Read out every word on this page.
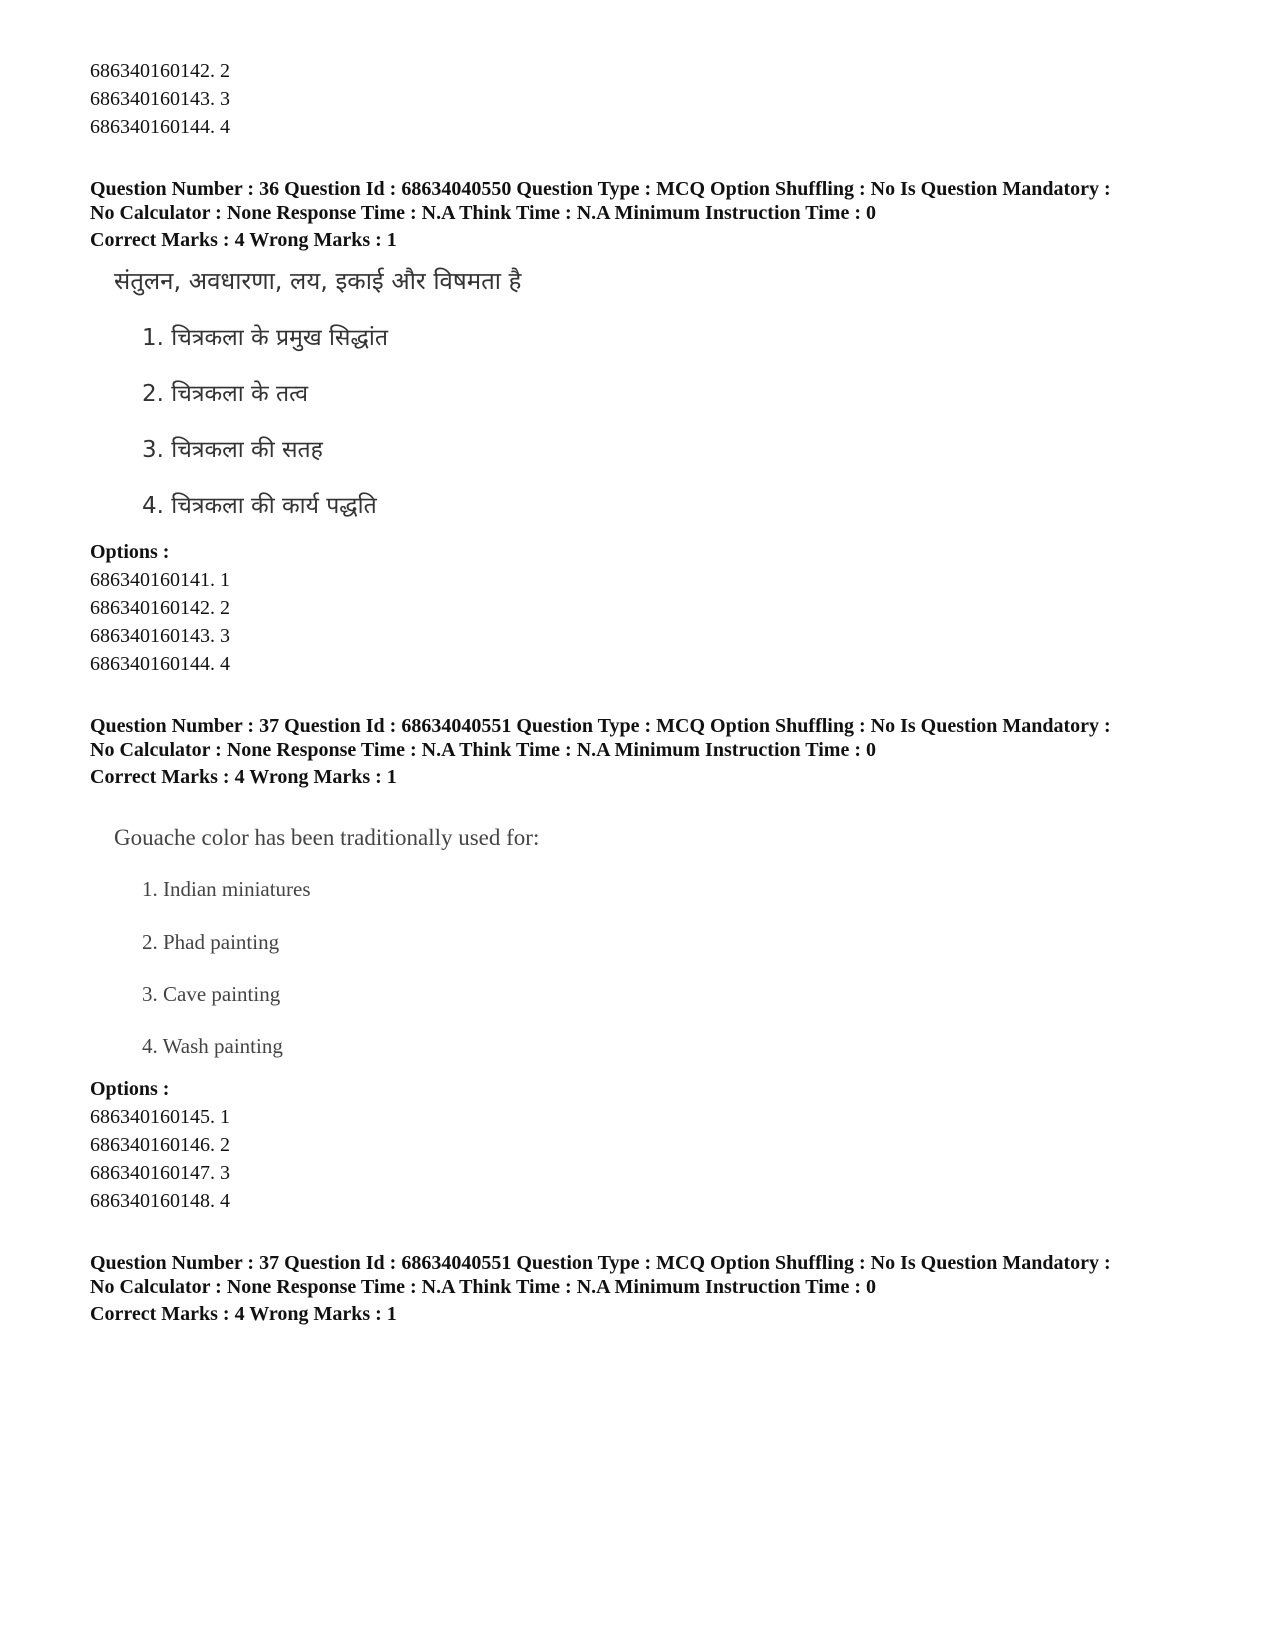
686340160142. 2
686340160143. 3
686340160144. 4
Question Number : 36 Question Id : 68634040550 Question Type : MCQ Option Shuffling : No Is Question Mandatory :
No Calculator : None Response Time : N.A Think Time : N.A Minimum Instruction Time : 0
Correct Marks : 4 Wrong Marks : 1
संतुलन, अवधारणा, लय, इकाई और विषमता है
1. चित्रकला के प्रमुख सिद्धांत
2. चित्रकला के तत्व
3. चित्रकला की सतह
4. चित्रकला की कार्य पद्धति
Options :
686340160141. 1
686340160142. 2
686340160143. 3
686340160144. 4
Question Number : 37 Question Id : 68634040551 Question Type : MCQ Option Shuffling : No Is Question Mandatory :
No Calculator : None Response Time : N.A Think Time : N.A Minimum Instruction Time : 0
Correct Marks : 4 Wrong Marks : 1
Gouache color has been traditionally used for:
1. Indian miniatures
2. Phad painting
3. Cave painting
4. Wash painting
Options :
686340160145. 1
686340160146. 2
686340160147. 3
686340160148. 4
Question Number : 37 Question Id : 68634040551 Question Type : MCQ Option Shuffling : No Is Question Mandatory :
No Calculator : None Response Time : N.A Think Time : N.A Minimum Instruction Time : 0
Correct Marks : 4 Wrong Marks : 1
